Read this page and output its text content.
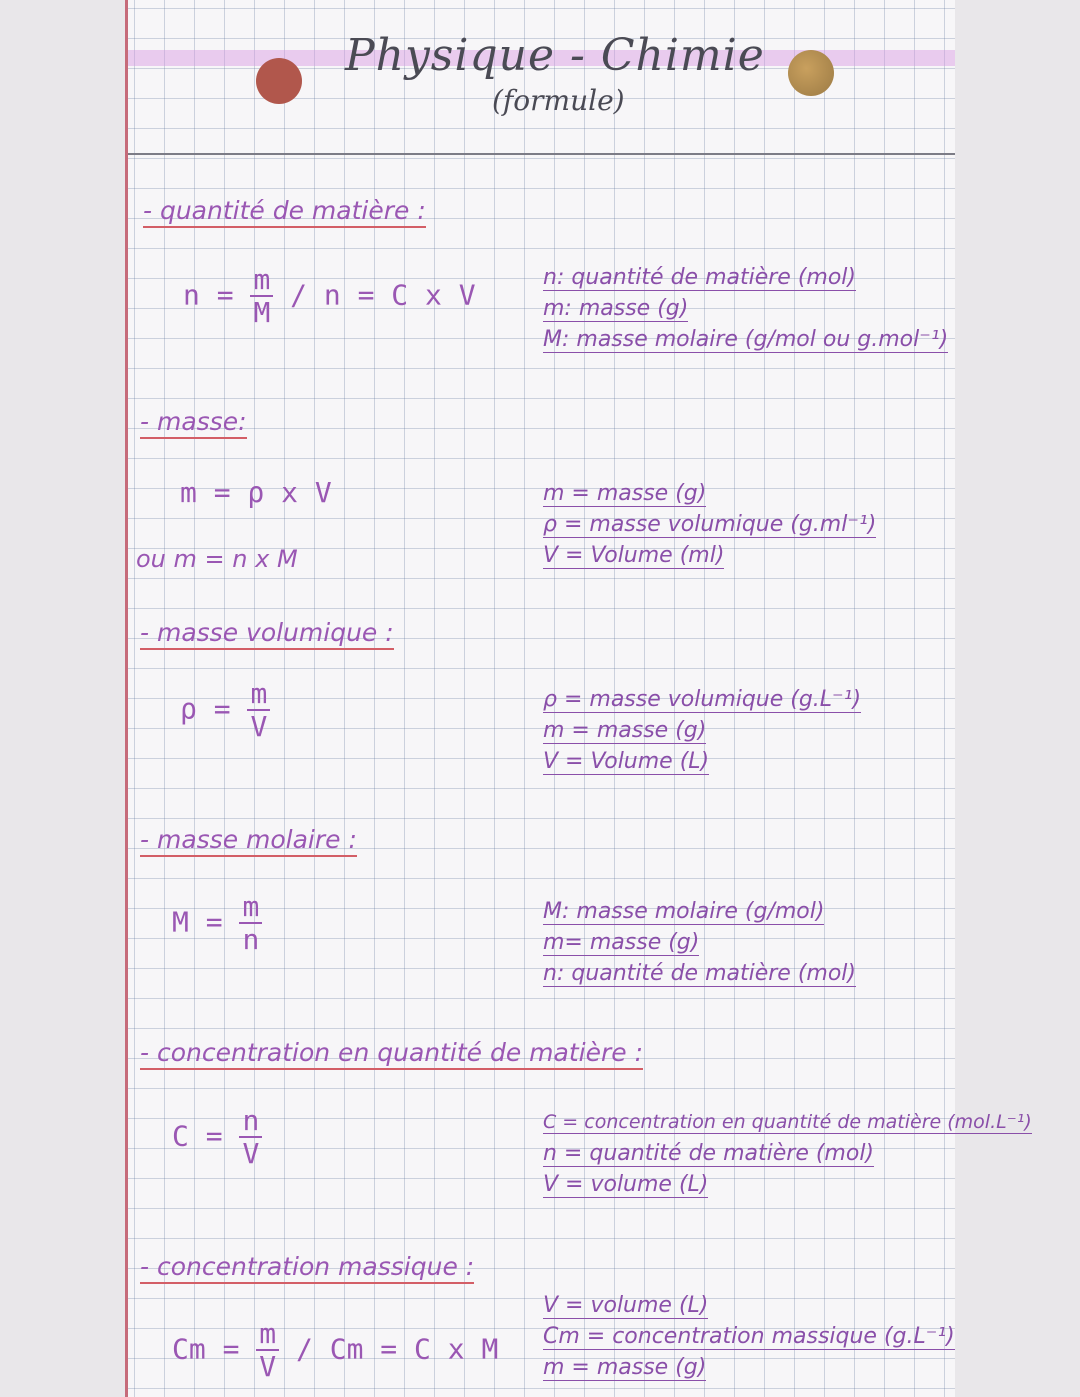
Physique - Chimie
(formule)
- quantité de matière :
$n = \frac{m}{M} / n = C$ x V
n: quantité de matière (mol)
m: masse (g)
M: masse molaire (g/mol ou g.mol⁻¹)
- masse:
m = ρ x V
ou m = n x M
m = masse (g)
ρ = masse volumique (g.ml⁻¹)
V = Volume (ml)
- masse volumique :
$\rho = \frac{m}{V}$	ρ = masse volumique (g.L⁻¹)
m = masse (g)
V = Volume (L)
- masse molaire :
$M = \frac{m}{n}$	M: masse molaire (g/mol)
m= masse (g)
n: quantité de matière (mol)
- concentration en quantité de matière :
$C = \frac{n}{V}$	C = concentration en quantité de matière (mol.L⁻¹)
n = quantité de matière (mol)
V = volume (L)
- concentration massique :
$Cm = \frac{m}{V} / Cm = C$ x M
V = volume (L)
Cm = concentration massique (g.L⁻¹)
m = masse (g)
